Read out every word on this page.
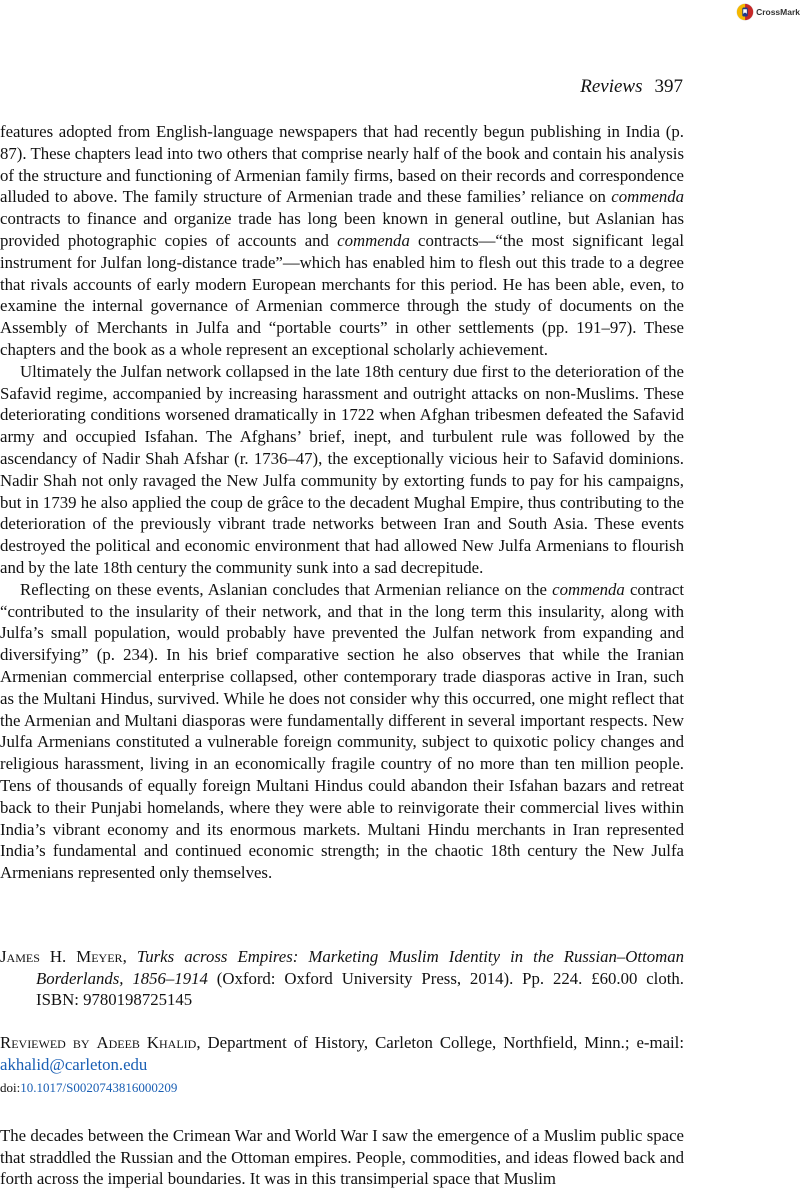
CrossMark
Reviews 397

features adopted from English-language newspapers that had recently begun publishing in India (p. 87). These chapters lead into two others that comprise nearly half of the book and contain his analysis of the structure and functioning of Armenian family firms, based on their records and correspondence alluded to above. The family structure of Armenian trade and these families’ reliance on commenda contracts to finance and organize trade has long been known in general outline, but Aslanian has provided photographic copies of accounts and commenda contracts—“the most significant legal instrument for Julfan long-distance trade”—which has enabled him to flesh out this trade to a degree that rivals accounts of early modern European merchants for this period. He has been able, even, to examine the internal governance of Armenian commerce through the study of documents on the Assembly of Merchants in Julfa and “portable courts” in other settlements (pp. 191–97). These chapters and the book as a whole represent an exceptional scholarly achievement.

Ultimately the Julfan network collapsed in the late 18th century due first to the deterioration of the Safavid regime, accompanied by increasing harassment and outright attacks on non-Muslims. These deteriorating conditions worsened dramatically in 1722 when Afghan tribesmen defeated the Safavid army and occupied Isfahan. The Afghans’ brief, inept, and turbulent rule was followed by the ascendancy of Nadir Shah Afshar (r. 1736–47), the exceptionally vicious heir to Safavid dominions. Nadir Shah not only ravaged the New Julfa community by extorting funds to pay for his campaigns, but in 1739 he also applied the coup de grâce to the decadent Mughal Empire, thus contributing to the deterioration of the previously vibrant trade networks between Iran and South Asia. These events destroyed the political and economic environment that had allowed New Julfa Armenians to flourish and by the late 18th century the community sunk into a sad decrepitude.

Reflecting on these events, Aslanian concludes that Armenian reliance on the commenda contract “contributed to the insularity of their network, and that in the long term this insularity, along with Julfa’s small population, would probably have prevented the Julfan network from expanding and diversifying” (p. 234). In his brief comparative section he also observes that while the Iranian Armenian commercial enterprise collapsed, other contemporary trade diasporas active in Iran, such as the Multani Hindus, survived. While he does not consider why this occurred, one might reflect that the Armenian and Multani diasporas were fundamentally different in several important respects. New Julfa Armenians constituted a vulnerable foreign community, subject to quixotic policy changes and religious harassment, living in an economically fragile country of no more than ten million people. Tens of thousands of equally foreign Multani Hindus could abandon their Isfahan bazars and retreat back to their Punjabi homelands, where they were able to reinvigorate their commercial lives within India’s vibrant economy and its enormous markets. Multani Hindu merchants in Iran represented India’s fundamental and continued economic strength; in the chaotic 18th century the New Julfa Armenians represented only themselves.

James H. Meyer, Turks across Empires: Marketing Muslim Identity in the Russian–Ottoman Borderlands, 1856–1914 (Oxford: Oxford University Press, 2014). Pp. 224. £60.00 cloth. ISBN: 9780198725145

Reviewed by Adeeb Khalid, Department of History, Carleton College, Northfield, Minn.; e-mail: akhalid@carleton.edu

doi:10.1017/S0020743816000209

The decades between the Crimean War and World War I saw the emergence of a Muslim public space that straddled the Russian and the Ottoman empires. People, commodities, and ideas flowed back and forth across the imperial boundaries. It was in this transimperial space that Muslim
